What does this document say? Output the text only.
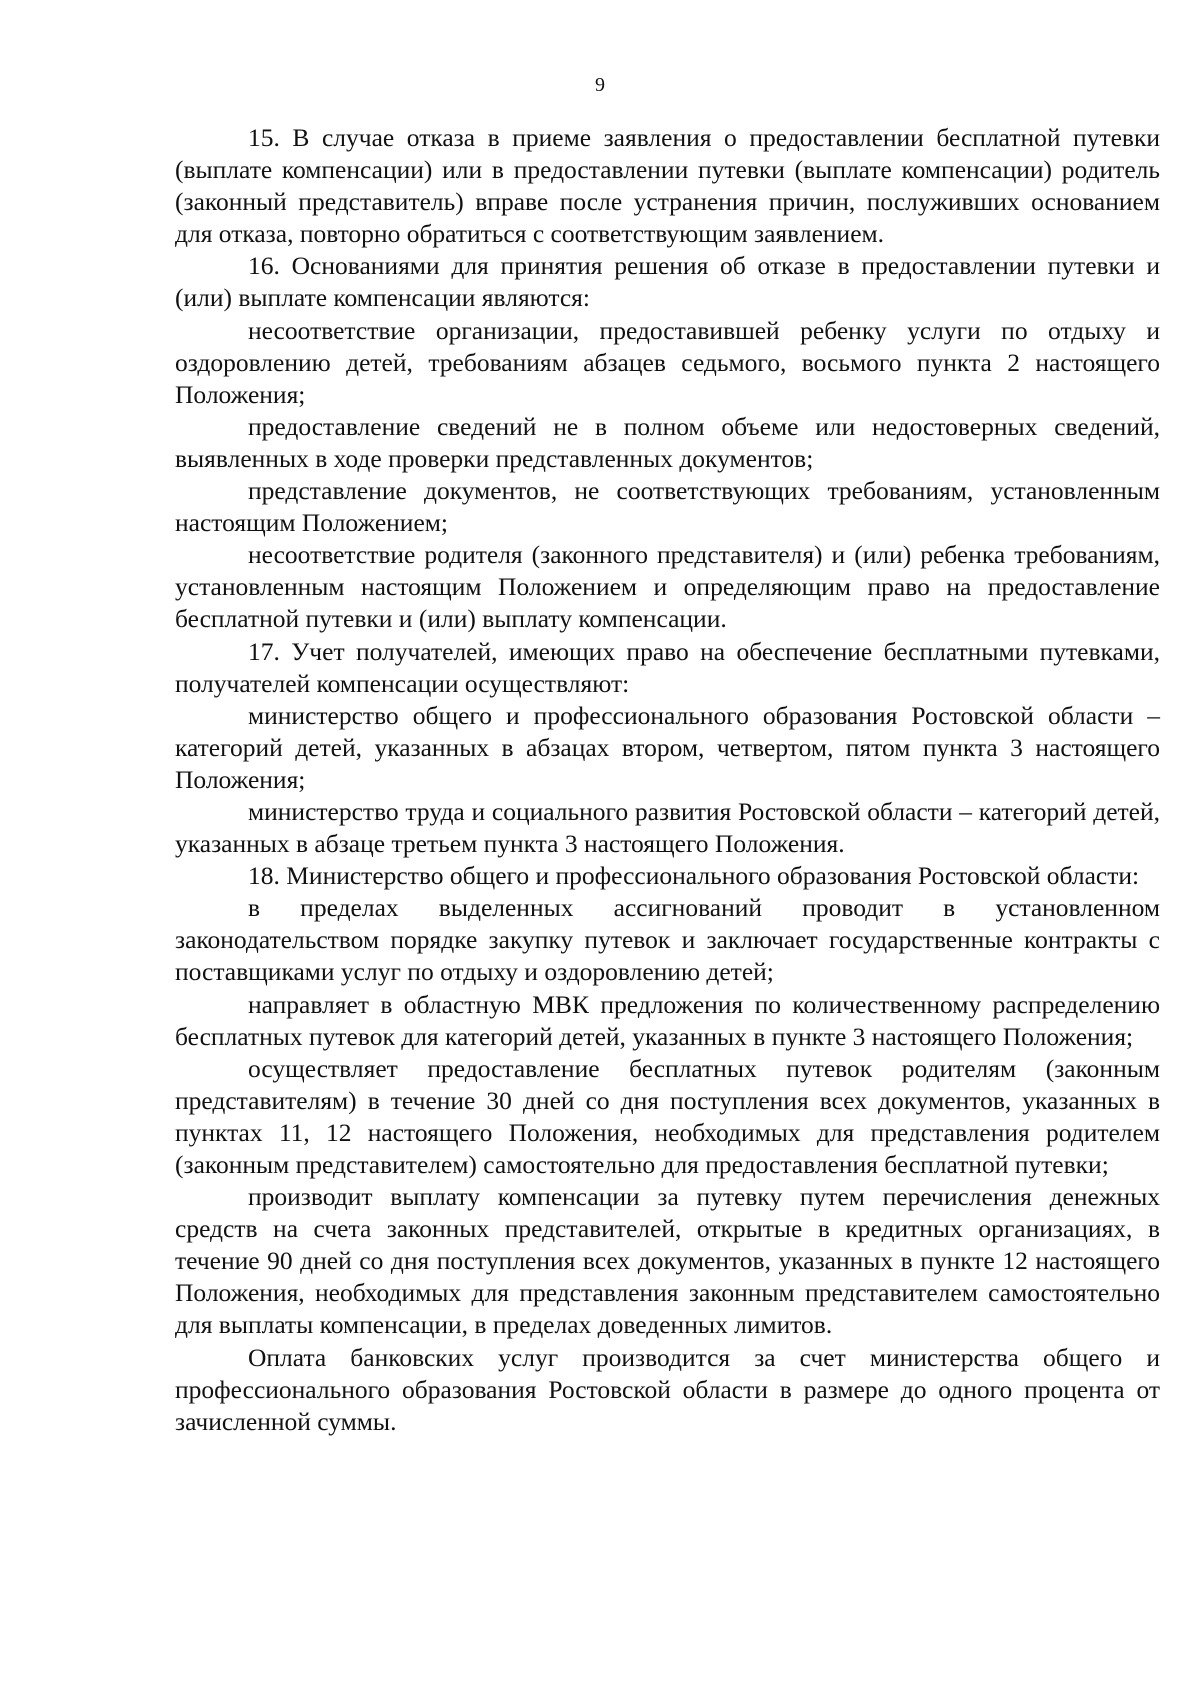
9

15. В случае отказа в приеме заявления о предоставлении бесплатной путевки (выплате компенсации) или в предоставлении путевки (выплате компенсации) родитель (законный представитель) вправе после устранения причин, послуживших основанием для отказа, повторно обратиться с соответствующим заявлением.

16. Основаниями для принятия решения об отказе в предоставлении путевки и (или) выплате компенсации являются:

несоответствие организации, предоставившей ребенку услуги по отдыху и оздоровлению детей, требованиям абзацев седьмого, восьмого пункта 2 настоящего Положения;

предоставление сведений не в полном объеме или недостоверных сведений, выявленных в ходе проверки представленных документов;

представление документов, не соответствующих требованиям, установленным настоящим Положением;

несоответствие родителя (законного представителя) и (или) ребенка требованиям, установленным настоящим Положением и определяющим право на предоставление бесплатной путевки и (или) выплату компенсации.

17. Учет получателей, имеющих право на обеспечение бесплатными путевками, получателей компенсации осуществляют:

министерство общего и профессионального образования Ростовской области – категорий детей, указанных в абзацах втором, четвертом, пятом пункта 3 настоящего Положения;

министерство труда и социального развития Ростовской области – категорий детей, указанных в абзаце третьем пункта 3 настоящего Положения.

18. Министерство общего и профессионального образования Ростовской области:

в пределах выделенных ассигнований проводит в установленном законодательством порядке закупку путевок и заключает государственные контракты с поставщиками услуг по отдыху и оздоровлению детей;

направляет в областную МВК предложения по количественному распределению бесплатных путевок для категорий детей, указанных в пункте 3 настоящего Положения;

осуществляет предоставление бесплатных путевок родителям (законным представителям) в течение 30 дней со дня поступления всех документов, указанных в пунктах 11, 12 настоящего Положения, необходимых для представления родителем (законным представителем) самостоятельно для предоставления бесплатной путевки;

производит выплату компенсации за путевку путем перечисления денежных средств на счета законных представителей, открытые в кредитных организациях, в течение 90 дней со дня поступления всех документов, указанных в пункте 12 настоящего Положения, необходимых для представления законным представителем самостоятельно для выплаты компенсации, в пределах доведенных лимитов.

Оплата банковских услуг производится за счет министерства общего и профессионального образования Ростовской области в размере до одного процента от зачисленной суммы.
